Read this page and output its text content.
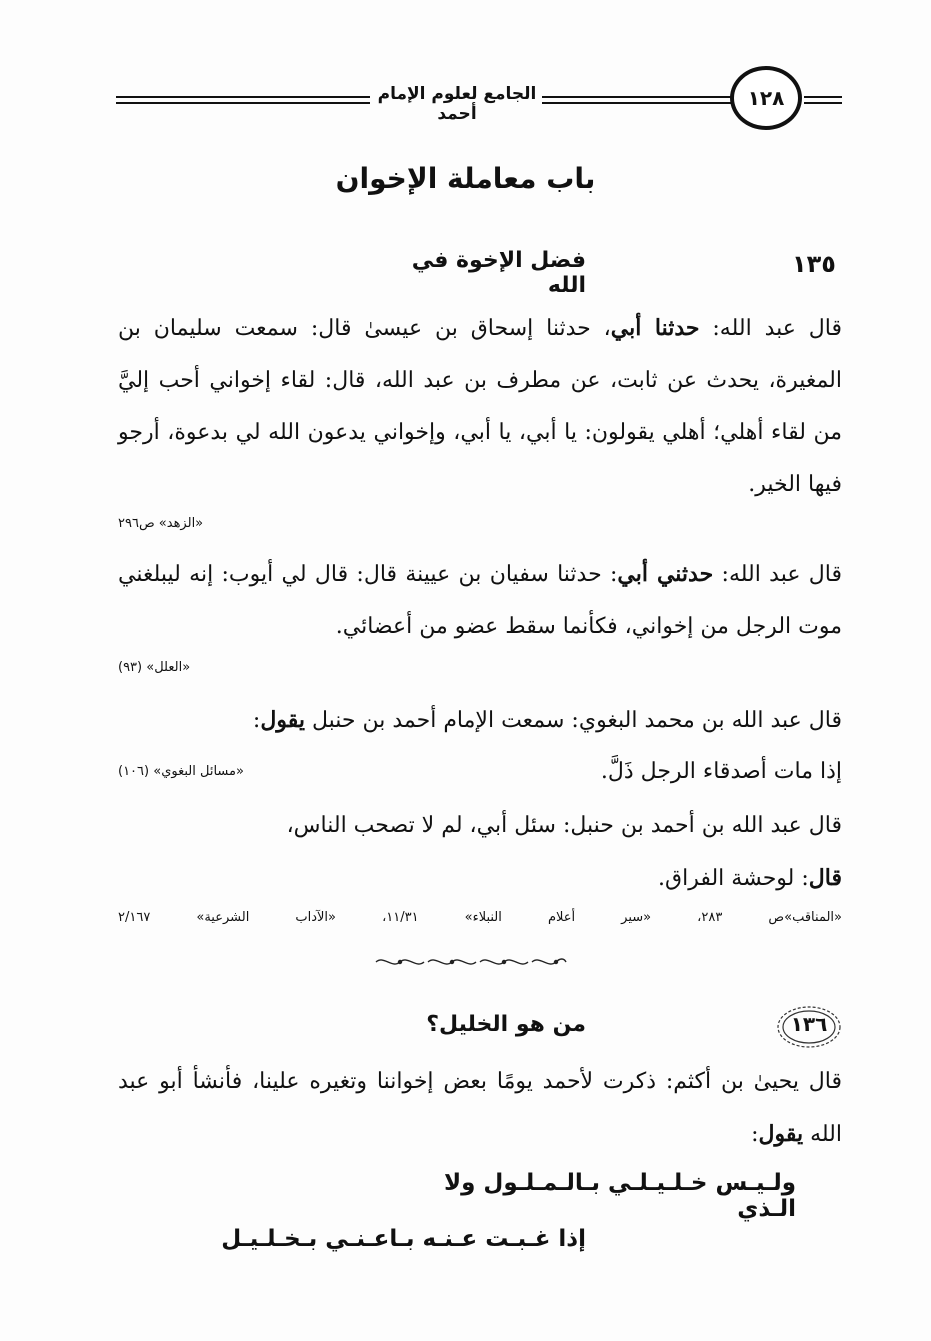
الجامع لعلوم الإمام أحمد
١٢٨
باب معاملة الإخوان
١٣٥
فضل الإخوة في الله
قال عبد الله: حدثنا أبي، حدثنا إسحاق بن عيسىٰ قال: سمعت سليمان بن المغيرة، يحدث عن ثابت، عن مطرف بن عبد الله، قال: لقاء إخواني أحب إليَّ من لقاء أهلي؛ أهلي يقولون: يا أبي، يا أبي، وإخواني يدعون الله لي بدعوة، أرجو فيها الخير.
«الزهد» ص٢٩٦
قال عبد الله: حدثني أبي: حدثنا سفيان بن عيينة قال: قال لي أيوب: إنه ليبلغني موت الرجل من إخواني، فكأنما سقط عضو من أعضائي.
«العلل» (٩٣)
قال عبد الله بن محمد البغوي: سمعت الإمام أحمد بن حنبل يقول:
إذا مات أصدقاء الرجل ذَلَّ.
«مسائل البغوي» (١٠٦)
قال عبد الله بن أحمد بن حنبل: سئل أبي، لم لا تصحب الناس،
قال: لوحشة الفراق.
«المناقب»ص ٢٨٣، «سير أعلام النبلاء» ١١/٣١، «الآداب الشرعية» ٢/١٦٧
١٣٦
من هو الخليل؟
قال يحيىٰ بن أكثم: ذكرت لأحمد يومًا بعض إخواننا وتغيره علينا، فأنشأ أبو عبد الله يقول:
ولـيـس خـلـيـلـي بـالـمـلـول ولا الـذي
إذا غـبـت عـنـه بـاعـنـي بـخـلـيـل
